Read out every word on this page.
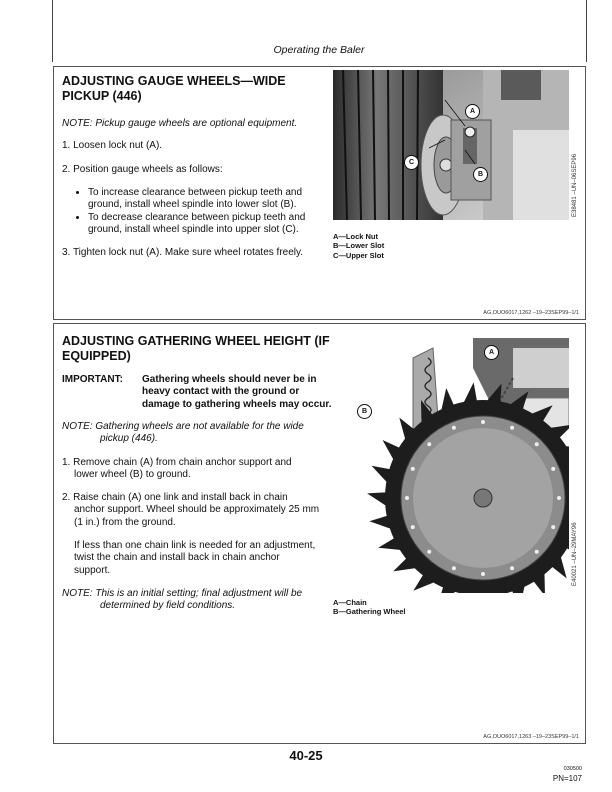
Operating the Baler
ADJUSTING GAUGE WHEELS—WIDE
PICKUP (446)
NOTE: Pickup gauge wheels are optional equipment.
1. Loosen lock nut (A).
2. Position gauge wheels as follows:
• To increase clearance between pickup teeth and
ground, install wheel spindle into lower slot (B).
• To decrease clearance between pickup teeth and
ground, install wheel spindle into upper slot (C).
3. Tighten lock nut (A). Make sure wheel rotates freely.
A
B
C	E38481 –UN–06SEP96
A—Lock Nut
B—Lower Slot
C—Upper Slot
AG,OUO6017,1262 –19–23SEP99–1/1
ADJUSTING GATHERING WHEEL HEIGHT (IF
EQUIPPED)
IMPORTANT: Gathering wheels should never be in
heavy contact with the ground or
damage to gathering wheels may occur.
NOTE: Gathering wheels are not available for the wide
pickup (446).
1. Remove chain (A) from chain anchor support and
lower wheel (B) to ground.
2. Raise chain (A) one link and install back in chain
anchor support. Wheel should be approximately 25 mm
(1 in.) from the ground.
If less than one chain link is needed for an adjustment,
twist the chain and install back in chain anchor
support.
NOTE: This is an initial setting; final adjustment will be
determined by field conditions.
A
B
E40021 –UN–29MAY96
A—Chain
B—Gathering Wheel
AG,OUO6017,1263 –19–23SEP99–1/1
40-25
030500
PN=107
